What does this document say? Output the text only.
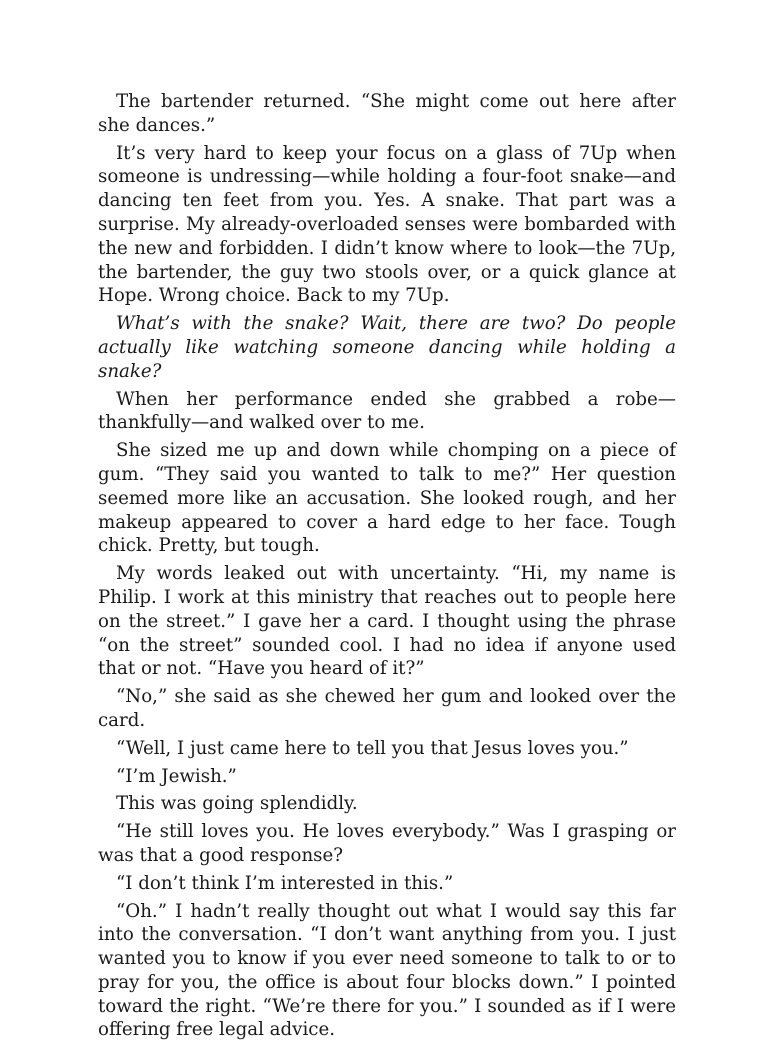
The bartender returned. “She might come out here after she dances.”

It’s very hard to keep your focus on a glass of 7Up when someone is undressing—while holding a four-foot snake—and dancing ten feet from you. Yes. A snake. That part was a surprise. My already-overloaded senses were bombarded with the new and forbidden. I didn’t know where to look—the 7Up, the bartender, the guy two stools over, or a quick glance at Hope. Wrong choice. Back to my 7Up.

What’s with the snake? Wait, there are two? Do people actually like watching someone dancing while holding a snake?

When her performance ended she grabbed a robe—thankfully—and walked over to me.

She sized me up and down while chomping on a piece of gum. “They said you wanted to talk to me?” Her question seemed more like an accusation. She looked rough, and her makeup appeared to cover a hard edge to her face. Tough chick. Pretty, but tough.

My words leaked out with uncertainty. “Hi, my name is Philip. I work at this ministry that reaches out to people here on the street.” I gave her a card. I thought using the phrase “on the street” sounded cool. I had no idea if anyone used that or not. “Have you heard of it?”

“No,” she said as she chewed her gum and looked over the card.

“Well, I just came here to tell you that Jesus loves you.”

“I’m Jewish.”

This was going splendidly.

“He still loves you. He loves everybody.” Was I grasping or was that a good response?

“I don’t think I’m interested in this.”

“Oh.” I hadn’t really thought out what I would say this far into the conversation. “I don’t want anything from you. I just wanted you to know if you ever need someone to talk to or to pray for you, the office is about four blocks down.” I pointed toward the right. “We’re there for you.” I sounded as if I were offering free legal advice.
